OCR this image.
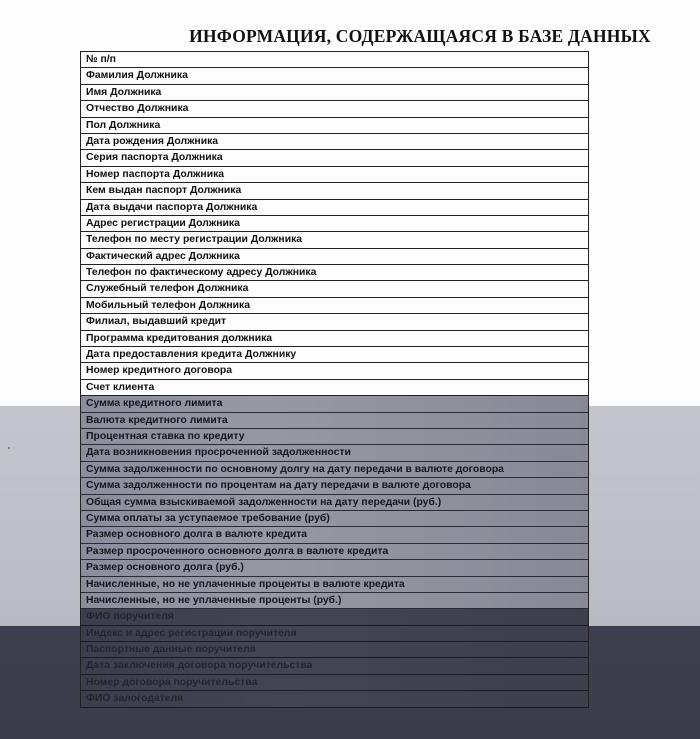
ИНФОРМАЦИЯ, СОДЕРЖАЩАЯСЯ В БАЗЕ ДАННЫХ
№ п/п
Фамилия Должника
Имя Должника
Отчество Должника
Пол Должника
Дата рождения Должника
Серия паспорта Должника
Номер паспорта Должника
Кем выдан паспорт Должника
Дата выдачи паспорта Должника
Адрес регистрации Должника
Телефон по месту регистрации Должника
Фактический адрес Должника
Телефон по фактическому адресу Должника
Служебный телефон Должника
Мобильный телефон Должника
Филиал, выдавший кредит
Программа кредитования должника
Дата предоставления кредита Должнику
Номер кредитного договора
Счет клиента
Сумма кредитного лимита
Валюта кредитного лимита
Процентная ставка по кредиту
Дата возникновения просроченной задолженности
Сумма задолженности по основному долгу на дату передачи в валюте договора
Сумма задолженности по процентам на дату передачи в валюте договора
Общая сумма взыскиваемой задолженности на дату передачи (руб.)
Сумма оплаты за уступаемое требование (руб)
Размер основного долга в валюте кредита
Размер просроченного основного долга в валюте кредита
Размер основного долга (руб.)
Начисленные, но не уплаченные проценты в валюте кредита
Начисленные, но не уплаченные проценты (руб.)
ФИО поручителя
Индекс и адрес регистрации поручителя
Паспортные данные поручителя
Дата заключения договора поручительства
Номер договора поручительства
ФИО залогодателя
